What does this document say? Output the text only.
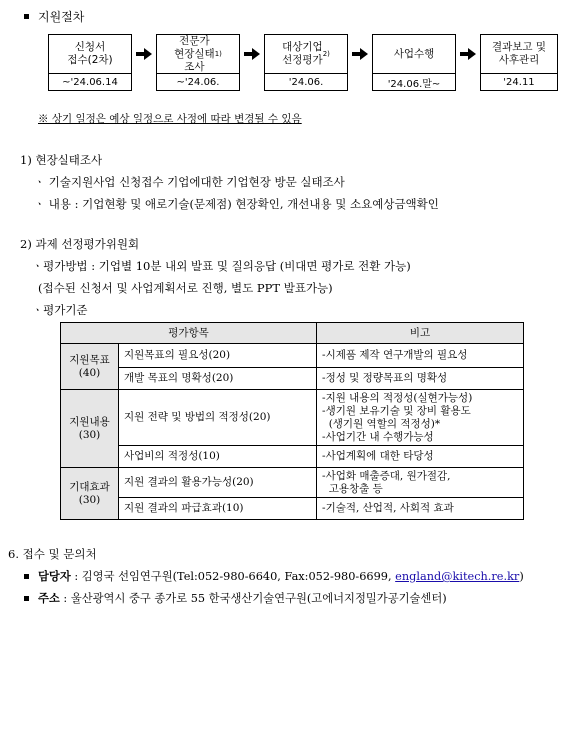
지원절차
신청서
접수(2차)
~'24.06.14
전문가
현장실태
조사
1)
~'24.06.
대상기업
선정평가
2)
'24.06.
사업수행
'24.06.말~
결과보고 및
사후관리
'24.11
※ 상기 일정은 예상 일정으로 사정에 따라 변경될 수 있음
1) 현장실태조사
ㆍ 기술지원사업 신청접수 기업에대한 기업현장 방문 실태조사
ㆍ 내용 : 기업현황 및 애로기술(문제점) 현장확인, 개선내용 및 소요예상금액확인
2) 과제 선정평가위원회
ㆍ평가방법 : 기업별 10분 내외 발표 및 질의응답 (비대면 평가로 전환 가능)
(접수된 신청서 및 사업계획서로 진행, 별도 PPT 발표가능)
ㆍ평가기준
평가항목		비고
지원목표
(40)	지원목표의 필요성(20)	-시제품 제작 연구개발의 필요성
	개발 목표의 명확성(20)	-정성 및 정량목표의 명확성
지원내용
(30)	지원 전략 및 방법의 적정성(20)	-지원 내용의 적정성(실현가능성)
-생기원 보유기술 및 장비 활용도
(생기원 역할의 적정성)*
-사업기간 내 수행가능성
	사업비의 적정성(10)	-사업계획에 대한 타당성
기대효과
(30)	지원 결과의 활용가능성(20)	-사업화 매출증대, 원가절감,
고용창출 등
	지원 결과의 파급효과(10)	-기술적, 산업적, 사회적 효과
6. 접수 및 문의처
담당자 : 김영국 선임연구원(Tel:052-980-6640, Fax:052-980-6699, england@kitech.re.kr)
주소 : 울산광역시 중구 종가로 55 한국생산기술연구원(고에너지정밀가공기술센터)
